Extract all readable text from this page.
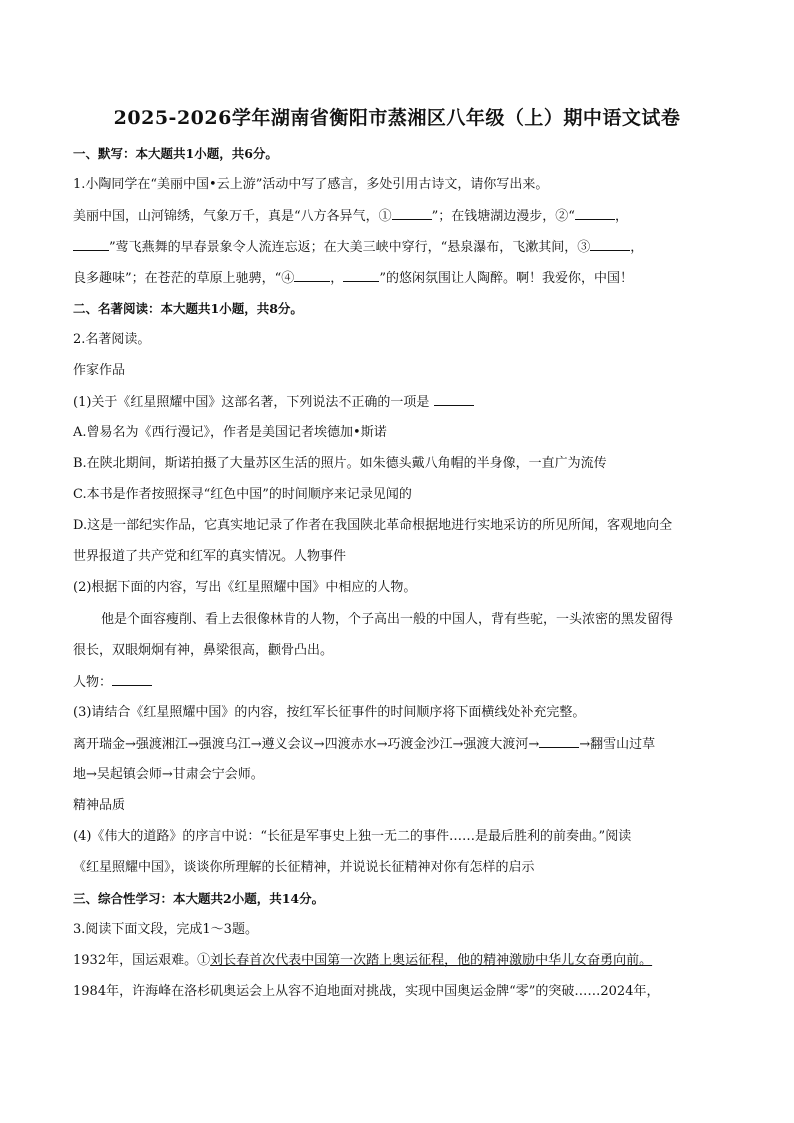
2025-2026学年湖南省衡阳市蒸湘区八年级（上）期中语文试卷
一、默写：本大题共1小题，共6分。
1.小陶同学在“美丽中国•云上游”活动中写了感言，多处引用古诗文，请你写出来。
美丽中国，山河锦绣，气象万千，真是“八方各异气，①	”；在钱塘湖边漫步，②“	，
”莺飞燕舞的早春景象令人流连忘返；在大美三峡中穿行，“悬泉瀑布，飞漱其间，③	，
良多趣味”；在苍茫的草原上驰骋，“④	，	”的悠闲氛围让人陶醉。啊！我爱你，中国！
二、名著阅读：本大题共1小题，共8分。
2.名著阅读。
作家作品
(1)关于《红星照耀中国》这部名著，下列说法不正确的一项是
A.曾易名为《西行漫记》，作者是美国记者埃德加•斯诺
B.在陕北期间，斯诺拍摄了大量苏区生活的照片。如朱德头戴八角帽的半身像，一直广为流传
C.本书是作者按照探寻“红色中国”的时间顺序来记录见闻的
D.这是一部纪实作品，它真实地记录了作者在我国陕北革命根据地进行实地采访的所见所闻，客观地向全
世界报道了共产党和红军的真实情况。人物事件
(2)根据下面的内容，写出《红星照耀中国》中相应的人物。
他是个面容瘦削、看上去很像林肯的人物，个子高出一般的中国人，背有些驼，一头浓密的黑发留得
很长，双眼炯炯有神，鼻梁很高，颧骨凸出。
人物：
(3)请结合《红星照耀中国》的内容，按红军长征事件的时间顺序将下面横线处补充完整。
离开瑞金→强渡湘江→强渡乌江→遵义会议→四渡赤水→巧渡金沙江→强渡大渡河→	→翻雪山过草
地→吴起镇会师→甘肃会宁会师。
精神品质
(4)《伟大的道路》的序言中说：“长征是军事史上独一无二的事件……是最后胜利的前奏曲。”阅读
《红星照耀中国》，谈谈你所理解的长征精神，并说说长征精神对你有怎样的启示
三、综合性学习：本大题共2小题，共14分。
3.阅读下面文段，完成1～3题。
1932年，国运艰难。①刘长春首次代表中国第一次踏上奥运征程，他的精神激励中华儿女奋勇向前。
1984年，许海峰在洛杉矶奥运会上从容不迫地面对挑战，实现中国奥运金牌“零”的突破……2024年，
